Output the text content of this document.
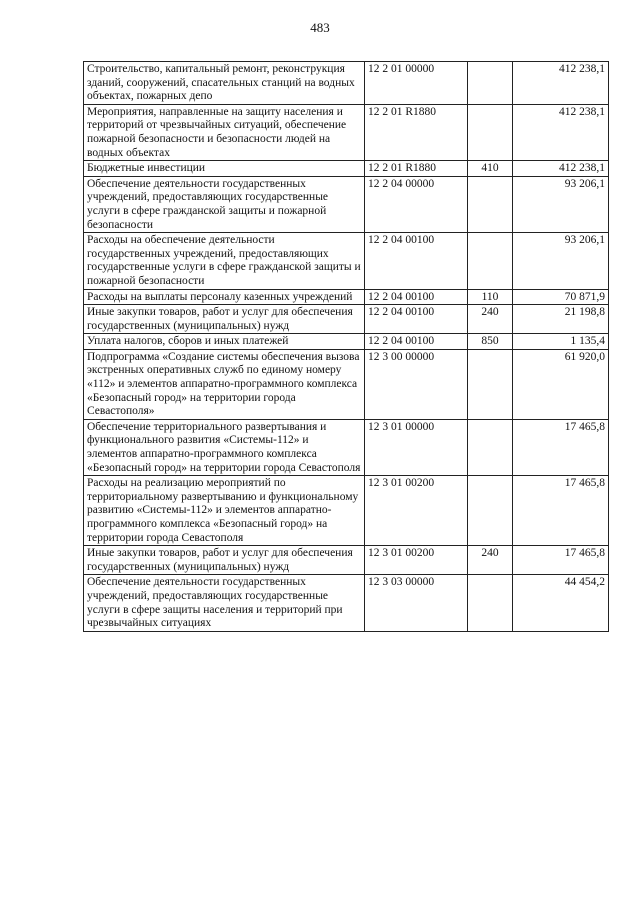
483
Строительство, капитальный ремонт, реконструкция зданий, сооружений, спасательных станций на водных объектах, пожарных депо	12 2 01 00000		412 238,1
Мероприятия, направленные на защиту населения и территорий от чрезвычайных ситуаций, обеспечение пожарной безопасности и безопасности людей на водных объектах	12 2 01 R1880		412 238,1
Бюджетные инвестиции	12 2 01 R1880	410	412 238,1
Обеспечение деятельности государственных учреждений, предоставляющих государственные услуги в сфере гражданской защиты и пожарной безопасности	12 2 04 00000		93 206,1
Расходы на обеспечение деятельности государственных учреждений, предоставляющих государственные услуги в сфере гражданской защиты и пожарной безопасности	12 2 04 00100		93 206,1
Расходы на выплаты персоналу казенных учреждений	12 2 04 00100	110	70 871,9
Иные закупки товаров, работ и услуг для обеспечения государственных (муниципальных) нужд	12 2 04 00100	240	21 198,8
Уплата налогов, сборов и иных платежей	12 2 04 00100	850	1 135,4
Подпрограмма «Создание системы обеспечения вызова экстренных оперативных служб по единому номеру «112» и элементов аппаратно-программного комплекса «Безопасный город» на территории города Севастополя»	12 3 00 00000		61 920,0
Обеспечение территориального развертывания и функционального развития «Системы-112» и элементов аппаратно-программного комплекса «Безопасный город» на территории города Севастополя	12 3 01 00000		17 465,8
Расходы на реализацию мероприятий по территориальному развертыванию и функциональному развитию «Системы-112» и элементов аппаратно-программного комплекса «Безопасный город» на территории города Севастополя	12 3 01 00200		17 465,8
Иные закупки товаров, работ и услуг для обеспечения государственных (муниципальных) нужд	12 3 01 00200	240	17 465,8
Обеспечение деятельности государственных учреждений, предоставляющих государственные услуги в сфере защиты населения и территорий при чрезвычайных ситуациях	12 3 03 00000		44 454,2
